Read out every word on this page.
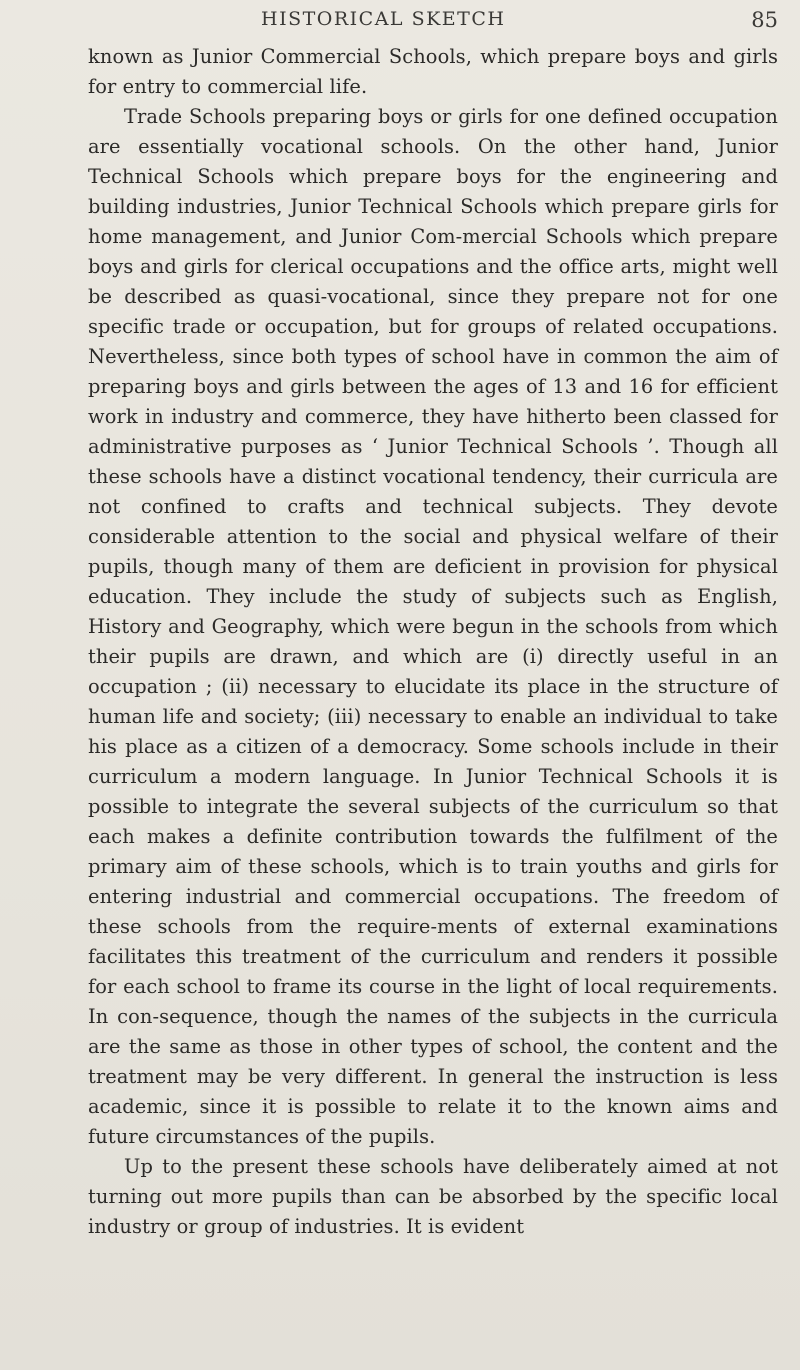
HISTORICAL SKETCH	85

known as Junior Commercial Schools, which prepare boys and girls for entry to commercial life.

Trade Schools preparing boys or girls for one defined occupation are essentially vocational schools. On the other hand, Junior Technical Schools which prepare boys for the engineering and building industries, Junior Technical Schools which prepare girls for home management, and Junior Com-mercial Schools which prepare boys and girls for clerical occupations and the office arts, might well be described as quasi-vocational, since they prepare not for one specific trade or occupation, but for groups of related occupations. Nevertheless, since both types of school have in common the aim of preparing boys and girls between the ages of 13 and 16 for efficient work in industry and commerce, they have hitherto been classed for administrative purposes as ‘ Junior Technical Schools ’. Though all these schools have a distinct vocational tendency, their curricula are not confined to crafts and technical subjects. They devote considerable attention to the social and physical welfare of their pupils, though many of them are deficient in provision for physical education. They include the study of subjects such as English, History and Geography, which were begun in the schools from which their pupils are drawn, and which are (i) directly useful in an occupation ; (ii) necessary to elucidate its place in the structure of human life and society; (iii) necessary to enable an individual to take his place as a citizen of a democracy. Some schools include in their curriculum a modern language. In Junior Technical Schools it is possible to integrate the several subjects of the curriculum so that each makes a definite contribution towards the fulfilment of the primary aim of these schools, which is to train youths and girls for entering industrial and commercial occupations. The freedom of these schools from the require-ments of external examinations facilitates this treatment of the curriculum and renders it possible for each school to frame its course in the light of local requirements. In con-sequence, though the names of the subjects in the curricula are the same as those in other types of school, the content and the treatment may be very different. In general the instruction is less academic, since it is possible to relate it to the known aims and future circumstances of the pupils.

Up to the present these schools have deliberately aimed at not turning out more pupils than can be absorbed by the specific local industry or group of industries. It is evident
